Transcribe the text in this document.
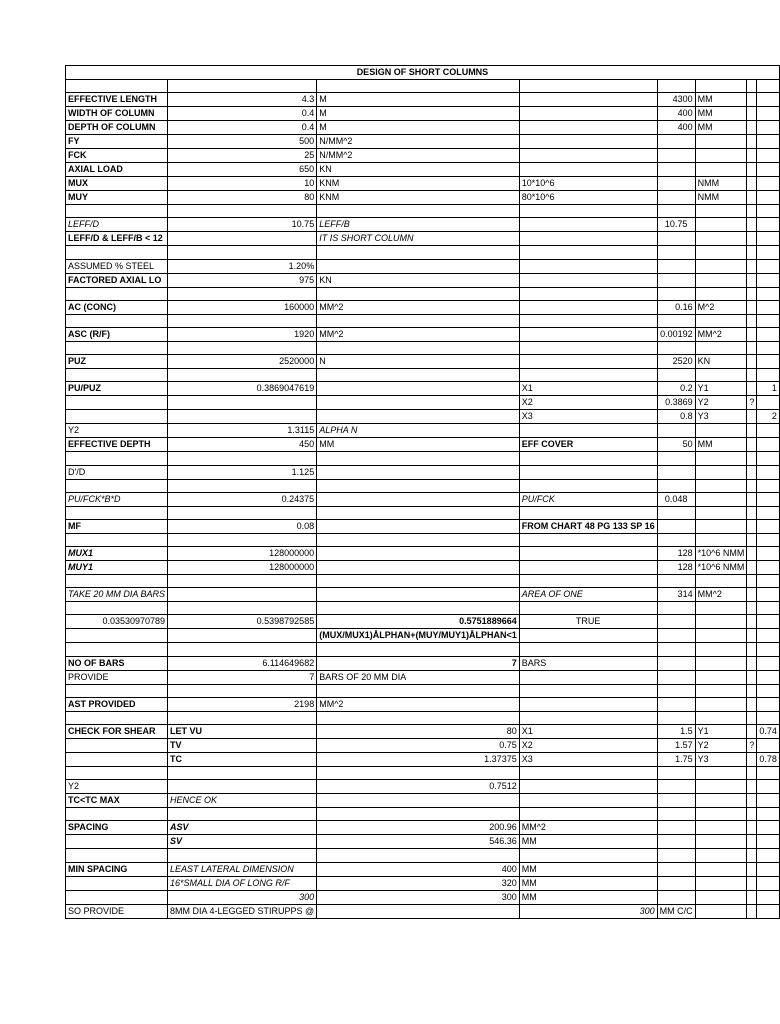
DESIGN OF SHORT COLUMNS							

EFFECTIVE LENGTH	4.3	M		4300	MM		
WIDTH OF COLUMN	0.4	M		400	MM		
DEPTH OF COLUMN	0.4	M		400	MM		
FY	500	N/MM^2					
FCK	25	N/MM^2					
AXIAL LOAD	650	KN					
MUX	10	KNM	10*10^6		NMM		
MUY	80	KNM	80*10^6		NMM		

LEFF/D	10.75	LEFF/B		10.75			
LEFF/D & LEFF/B < 12		IT IS SHORT COLUMN					

ASSUMED % STEEL	1.20%						
FACTORED AXIAL LO	975	KN					

AC (CONC)	160000	MM^2		0.16	M^2		

ASC (R/F)	1920	MM^2		0.00192	MM^2		

PUZ	2520000	N		2520	KN		

PU/PUZ	0.3869047619		X1	0.2	Y1		1
			X2	0.3869	Y2	?	
			X3	0.8	Y3		2
Y2	1.3115	ALPHA N					
EFFECTIVE DEPTH	450	MM	EFF COVER	50	MM		

D'/D	1.125						

PU/FCK*B*D	0.24375		PU/FCK	0.048			

MF	0.08		FROM CHART 48 PG 133 SP 16				

MUX1	128000000			128	*10^6 NMM		
MUY1	128000000			128	*10^6 NMM		

TAKE 20 MM DIA BARS			AREA OF ONE	314	MM^2		

0.03530970789	0.5398792585	0.5751889664	TRUE				
		(MUX/MUX1)ÅLPHAN+(MUY/MUY1)ÅLPHAN<1					

NO OF BARS	6.114649682	7	BARS				
PROVIDE	7	BARS OF 20 MM DIA					

AST PROVIDED	2198	MM^2					

CHECK FOR SHEAR	LET VU	80	X1	1.5	Y1		0.74
	TV	0.75	X2	1.57	Y2	?	
	TC	1.37375	X3	1.75	Y3		0.78

Y2		0.7512					
TC<TC MAX	HENCE OK						

SPACING	ASV	200.96	MM^2				
	SV	546.36	MM				

MIN SPACING	LEAST LATERAL DIMENSION	400	MM				
	16*SMALL DIA OF LONG R/F	320	MM				
	300	300	MM				
SO PROVIDE	8MM DIA 4-LEGGED STIRUPPS @		300	MM C/C			
